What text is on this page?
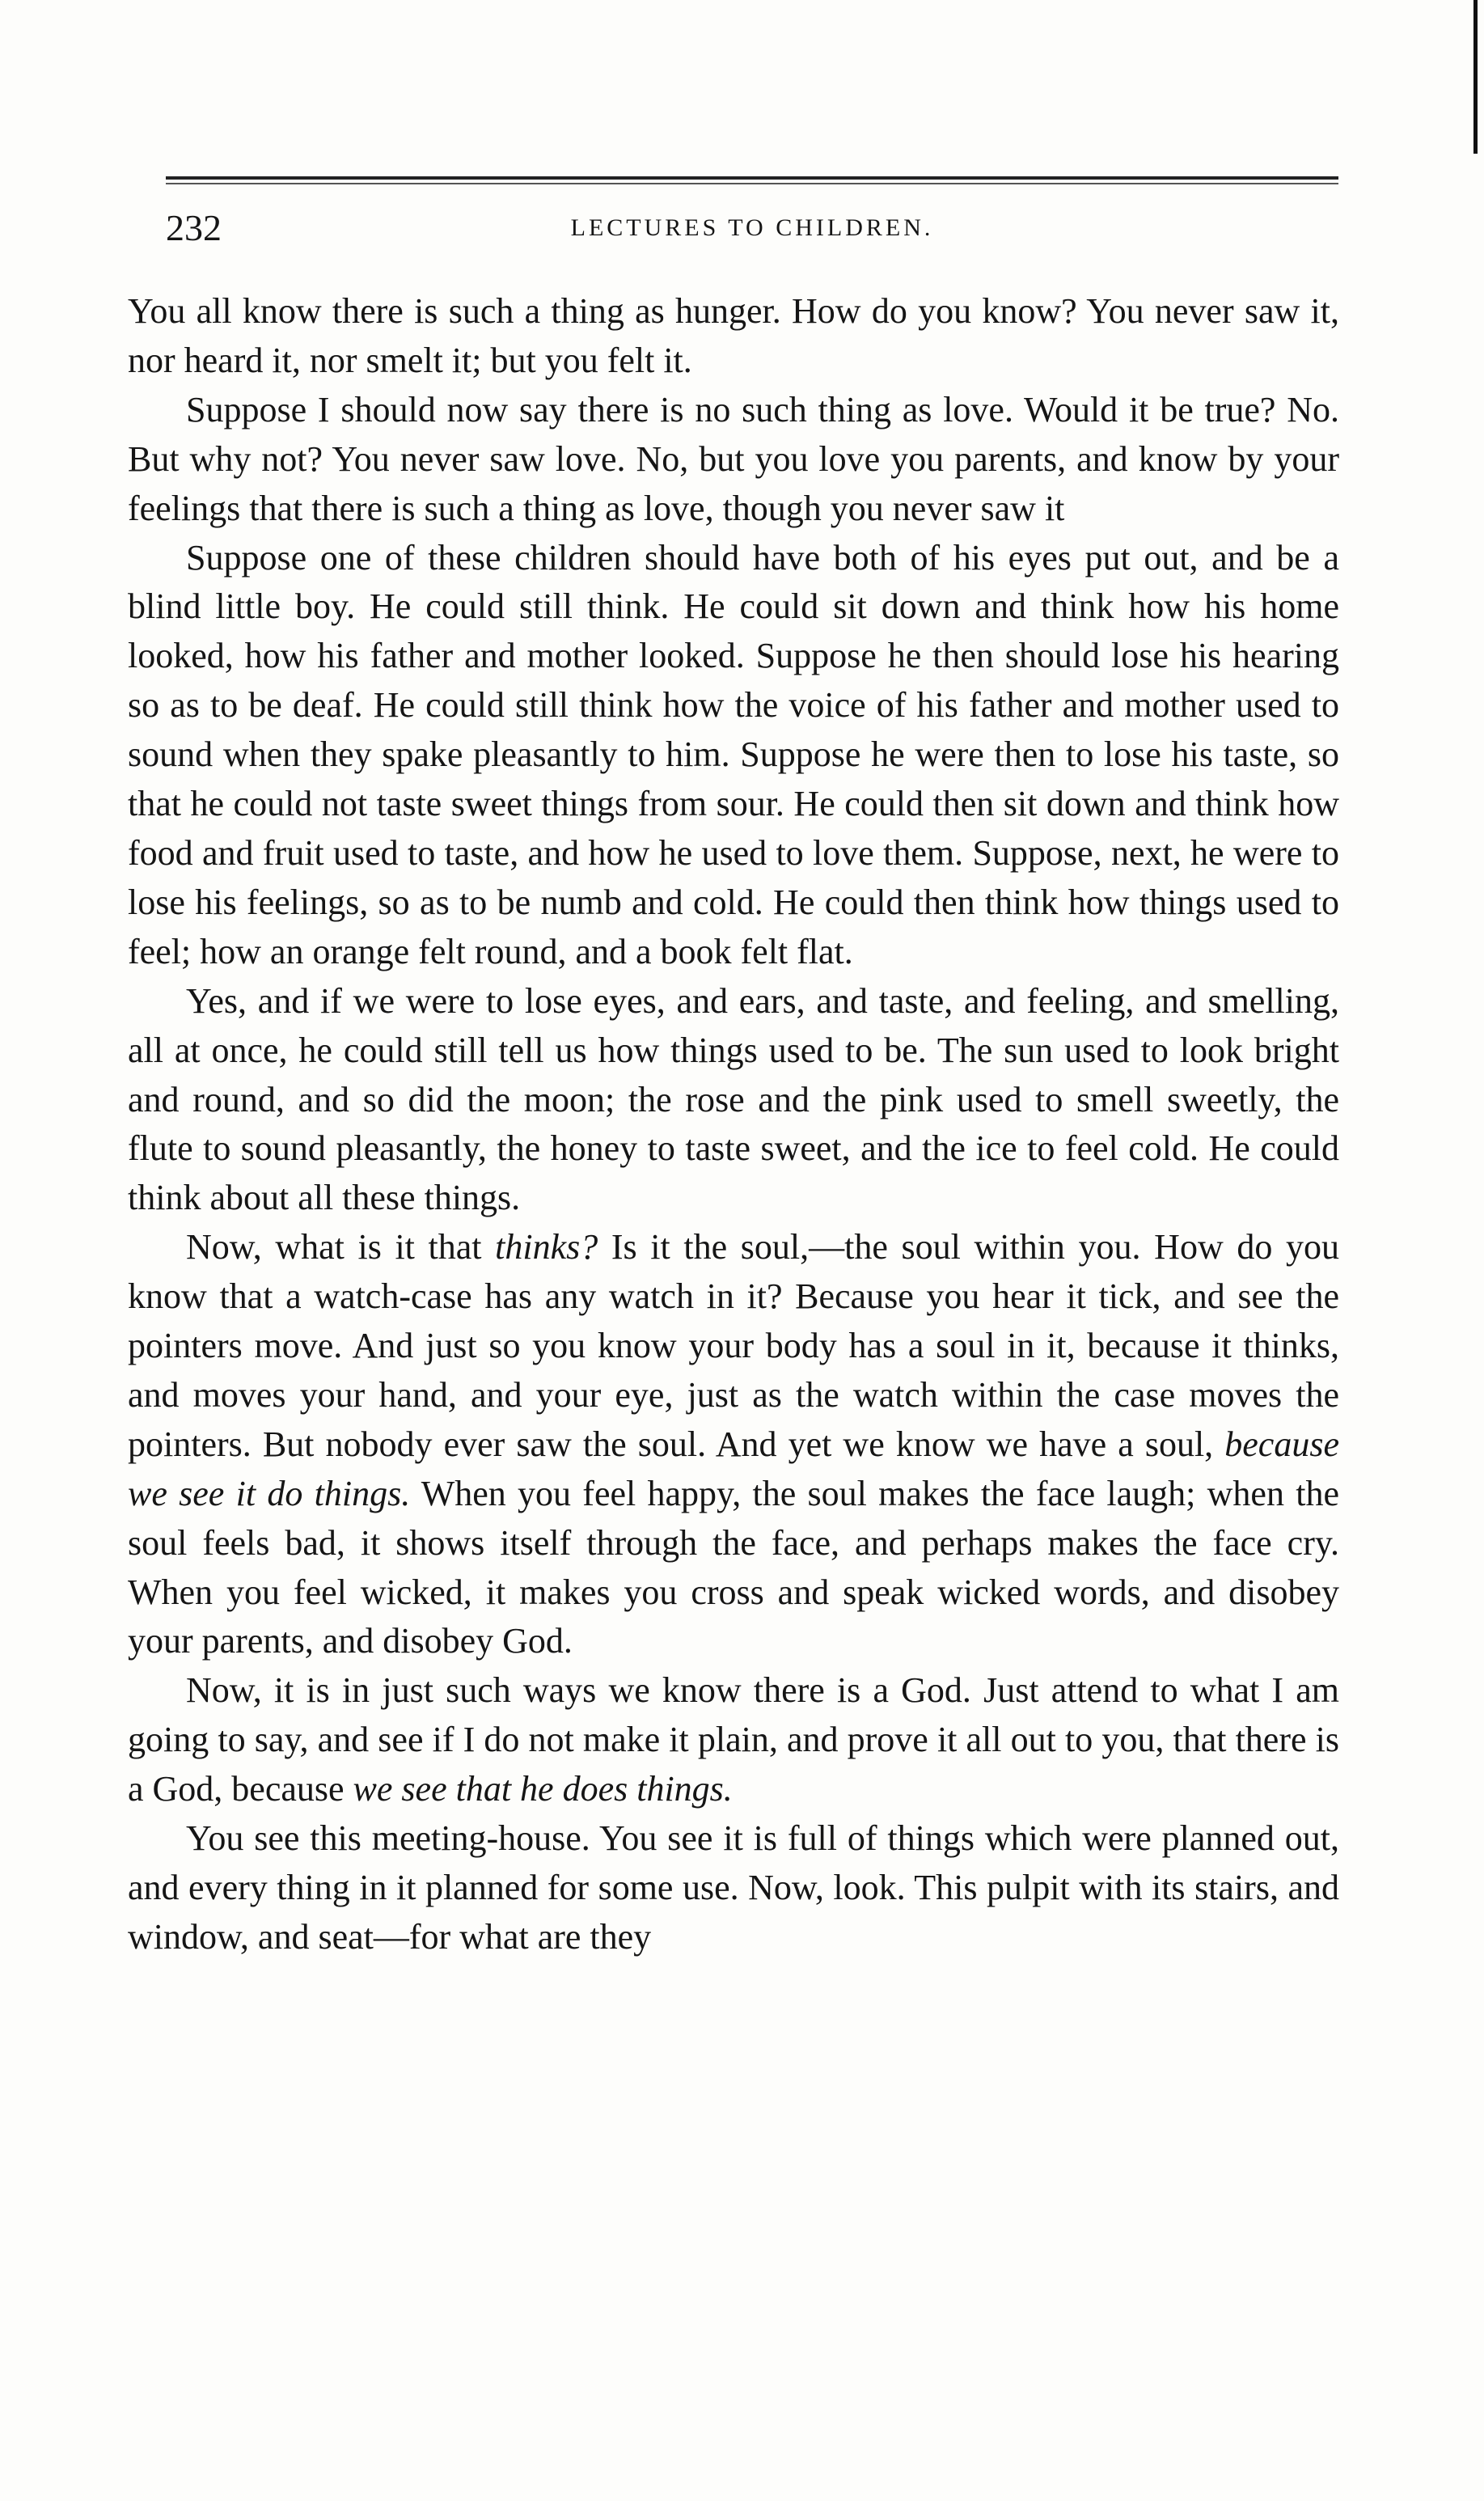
232	LECTURES TO CHILDREN.

You all know there is such a thing as hunger. How do you know? You never saw it, nor heard it, nor smelt it; but you felt it.

Suppose I should now say there is no such thing as love. Would it be true? No. But why not? You never saw love. No, but you love you parents, and know by your feelings that there is such a thing as love, though you never saw it

Suppose one of these children should have both of his eyes put out, and be a blind little boy. He could still think. He could sit down and think how his home looked, how his father and mother looked. Suppose he then should lose his hearing so as to be deaf. He could still think how the voice of his father and mother used to sound when they spake pleasantly to him. Suppose he were then to lose his taste, so that he could not taste sweet things from sour. He could then sit down and think how food and fruit used to taste, and how he used to love them. Suppose, next, he were to lose his feelings, so as to be numb and cold. He could then think how things used to feel; how an orange felt round, and a book felt flat.

Yes, and if we were to lose eyes, and ears, and taste, and feeling, and smelling, all at once, he could still tell us how things used to be. The sun used to look bright and round, and so did the moon; the rose and the pink used to smell sweetly, the flute to sound pleasantly, the honey to taste sweet, and the ice to feel cold. He could think about all these things.

Now, what is it that thinks? Is it the soul,—the soul within you. How do you know that a watch-case has any watch in it? Because you hear it tick, and see the pointers move. And just so you know your body has a soul in it, because it thinks, and moves your hand, and your eye, just as the watch within the case moves the pointers. But nobody ever saw the soul. And yet we know we have a soul, because we see it do things. When you feel happy, the soul makes the face laugh; when the soul feels bad, it shows itself through the face, and perhaps makes the face cry. When you feel wicked, it makes you cross and speak wicked words, and disobey your parents, and disobey God.

Now, it is in just such ways we know there is a God. Just attend to what I am going to say, and see if I do not make it plain, and prove it all out to you, that there is a God, because we see that he does things.

You see this meeting-house. You see it is full of things which were planned out, and every thing in it planned for some use. Now, look. This pulpit with its stairs, and window, and seat—for what are they
